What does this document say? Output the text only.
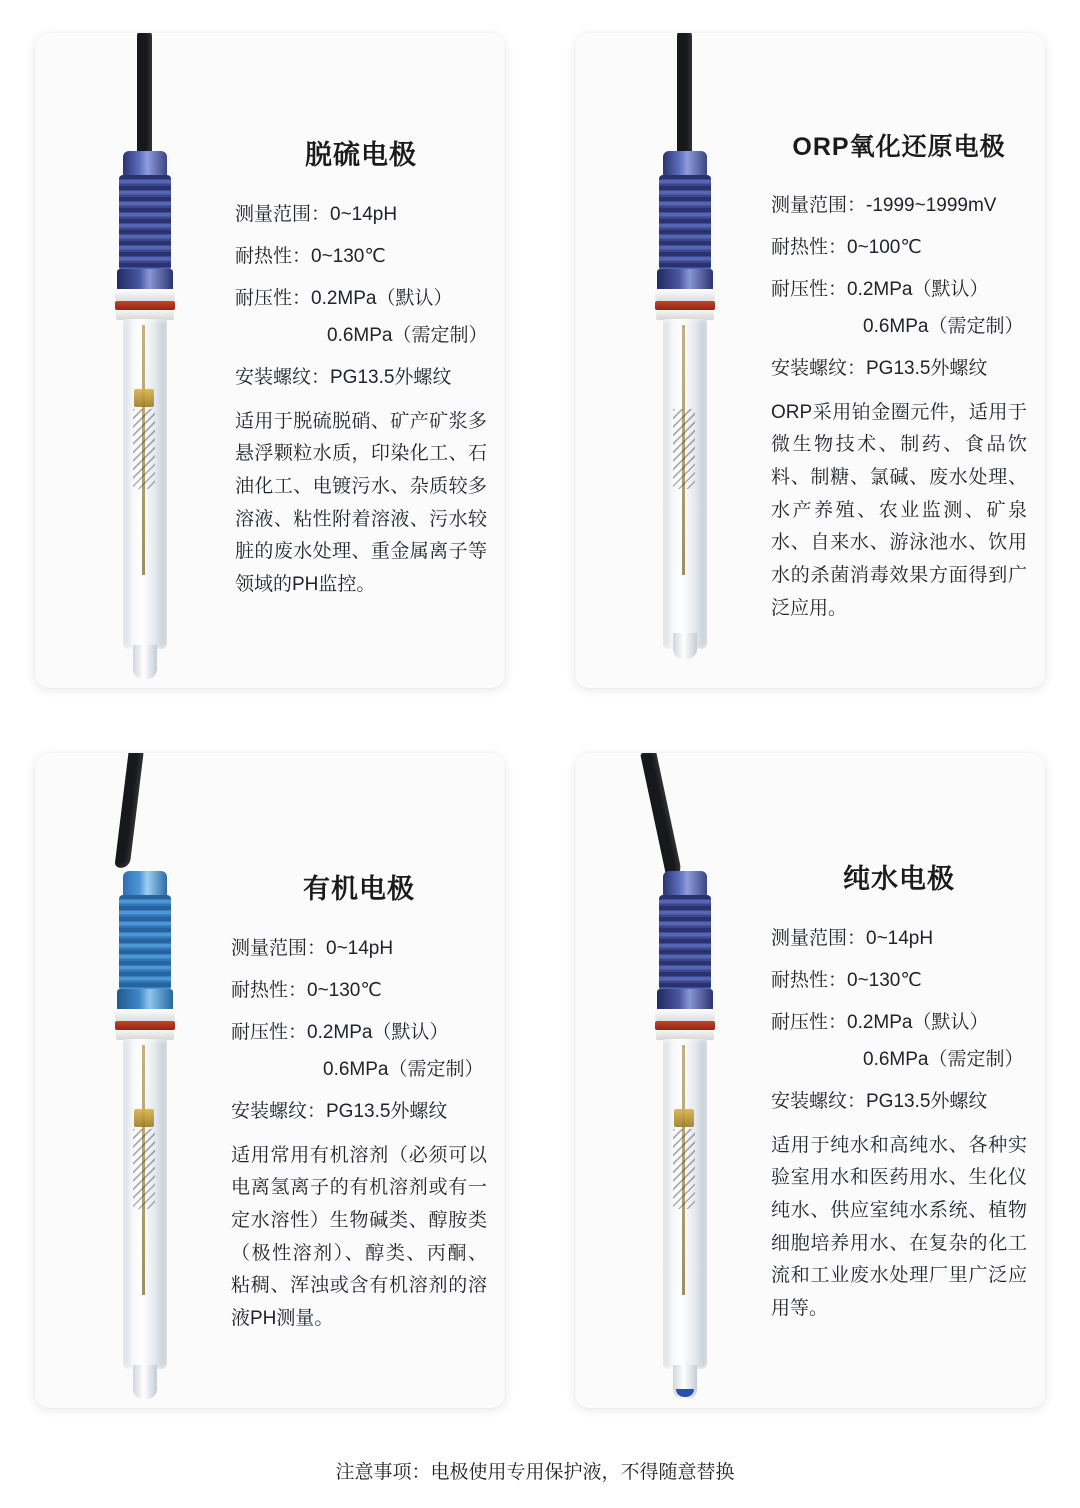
脱硫电极
测量范围：0~14pH
耐热性：0~130℃
耐压性：0.2MPa（默认）
0.6MPa（需定制）
安装螺纹：PG13.5外螺纹
适用于脱硫脱硝、矿产矿浆多悬浮颗粒水质，印染化工、石油化工、电镀污水、杂质较多溶液、粘性附着溶液、污水较脏的废水处理、重金属离子等领域的PH监控。
ORP氧化还原电极
测量范围：-1999~1999mV
耐热性：0~100℃
耐压性：0.2MPa（默认）
0.6MPa（需定制）
安装螺纹：PG13.5外螺纹
ORP采用铂金圈元件，适用于微生物技术、制药、食品饮料、制糖、氯碱、废水处理、水产养殖、农业监测、矿泉水、自来水、游泳池水、饮用水的杀菌消毒效果方面得到广泛应用。
有机电极
测量范围：0~14pH
耐热性：0~130℃
耐压性：0.2MPa（默认）
0.6MPa（需定制）
安装螺纹：PG13.5外螺纹
适用常用有机溶剂（必须可以电离氢离子的有机溶剂或有一定水溶性）生物碱类、醇胺类（极性溶剂）、醇类、丙酮、粘稠、浑浊或含有机溶剂的溶液PH测量。
纯水电极
测量范围：0~14pH
耐热性：0~130℃
耐压性：0.2MPa（默认）
0.6MPa（需定制）
安装螺纹：PG13.5外螺纹
适用于纯水和高纯水、各种实验室用水和医药用水、生化仪纯水、供应室纯水系统、植物细胞培养用水、在复杂的化工流和工业废水处理厂里广泛应用等。
注意事项：电极使用专用保护液，不得随意替换
